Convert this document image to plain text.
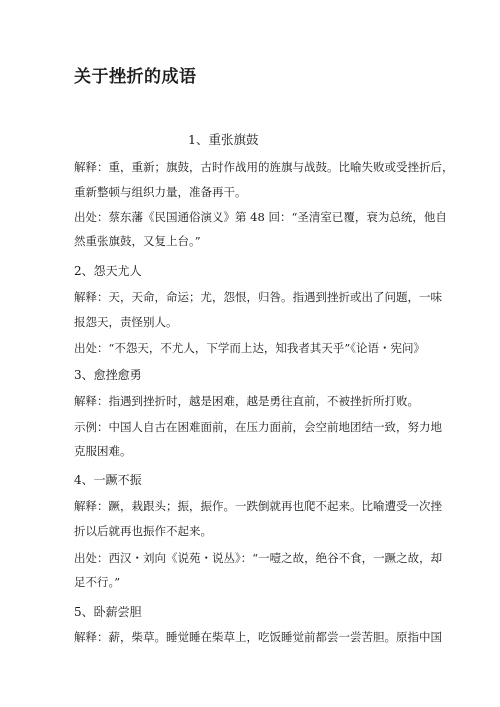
关于挫折的成语
1、重张旗鼓
解释：重，重新；旗鼓，古时作战用的旌旗与战鼓。比喻失败或受挫折后，
重新整顿与组织力量，准备再干。
出处：蔡东藩《民国通俗演义》第 48 回：“圣清室已覆，衰为总统，他自
然重张旗鼓，又复上台。”
2、怨天尤人
解释：天，天命，命运；尤，怨恨，归咎。指遇到挫折或出了问题，一味
报怨天，责怪别人。
出处：“不怨天，不尤人，下学而上达，知我者其天乎”《论语・宪问》
3、愈挫愈勇
解释：指遇到挫折时，越是困难，越是勇往直前，不被挫折所打败。
示例：中国人自古在困难面前，在压力面前，会空前地团结一致，努力地
克服困难。
4、一蹶不振
解释：蹶，栽跟头；振，振作。一跌倒就再也爬不起来。比喻遭受一次挫
折以后就再也振作不起来。
出处：西汉・刘向《说苑・说丛》：“一噎之故，绝谷不食，一蹶之故，却
足不行。”
5、卧薪尝胆
解释：薪，柴草。睡觉睡在柴草上，吃饭睡觉前都尝一尝苦胆。原指中国
